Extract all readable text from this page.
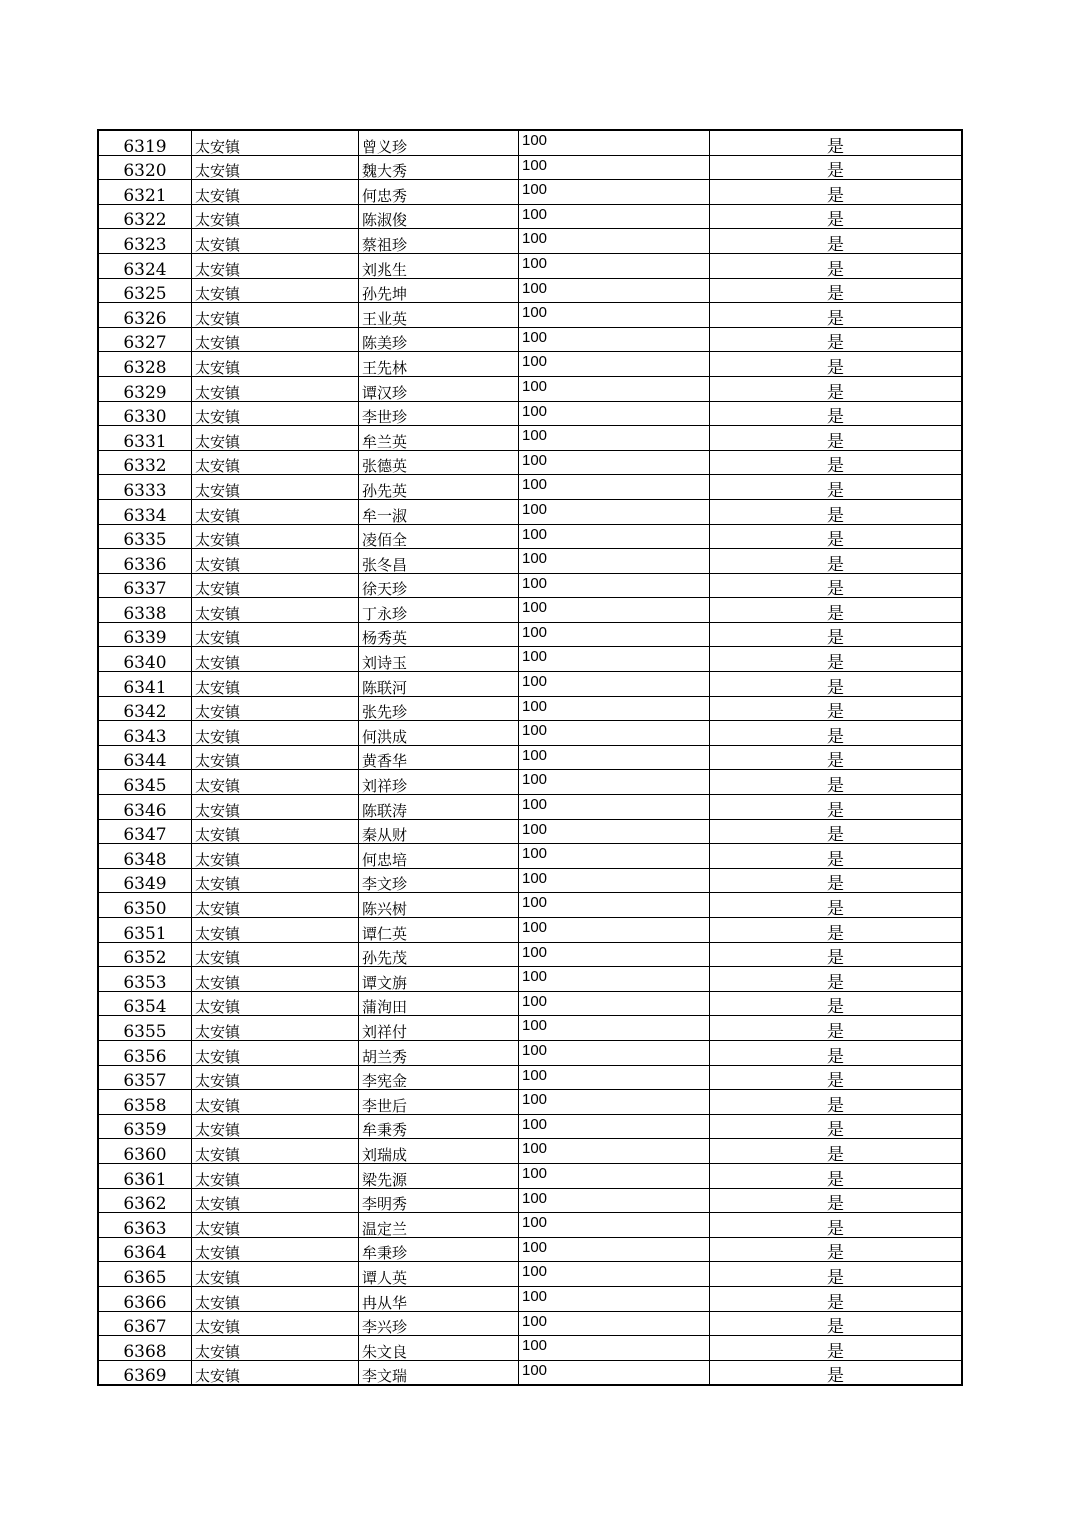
6319	太安镇	曾义珍	100	是
6320	太安镇	魏大秀	100	是
6321	太安镇	何忠秀	100	是
6322	太安镇	陈淑俊	100	是
6323	太安镇	蔡祖珍	100	是
6324	太安镇	刘兆生	100	是
6325	太安镇	孙先坤	100	是
6326	太安镇	王业英	100	是
6327	太安镇	陈美珍	100	是
6328	太安镇	王先林	100	是
6329	太安镇	谭汉珍	100	是
6330	太安镇	李世珍	100	是
6331	太安镇	牟兰英	100	是
6332	太安镇	张德英	100	是
6333	太安镇	孙先英	100	是
6334	太安镇	牟一淑	100	是
6335	太安镇	凌佰全	100	是
6336	太安镇	张冬昌	100	是
6337	太安镇	徐天珍	100	是
6338	太安镇	丁永珍	100	是
6339	太安镇	杨秀英	100	是
6340	太安镇	刘诗玉	100	是
6341	太安镇	陈联河	100	是
6342	太安镇	张先珍	100	是
6343	太安镇	何洪成	100	是
6344	太安镇	黄香华	100	是
6345	太安镇	刘祥珍	100	是
6346	太安镇	陈联涛	100	是
6347	太安镇	秦从财	100	是
6348	太安镇	何忠培	100	是
6349	太安镇	李文珍	100	是
6350	太安镇	陈兴树	100	是
6351	太安镇	谭仁英	100	是
6352	太安镇	孙先茂	100	是
6353	太安镇	谭文旃	100	是
6354	太安镇	蒲洵田	100	是
6355	太安镇	刘祥付	100	是
6356	太安镇	胡兰秀	100	是
6357	太安镇	李宪金	100	是
6358	太安镇	李世后	100	是
6359	太安镇	牟秉秀	100	是
6360	太安镇	刘瑞成	100	是
6361	太安镇	梁先源	100	是
6362	太安镇	李明秀	100	是
6363	太安镇	温定兰	100	是
6364	太安镇	牟秉珍	100	是
6365	太安镇	谭人英	100	是
6366	太安镇	冉从华	100	是
6367	太安镇	李兴珍	100	是
6368	太安镇	朱文良	100	是
6369	太安镇	李文瑞	100	是
